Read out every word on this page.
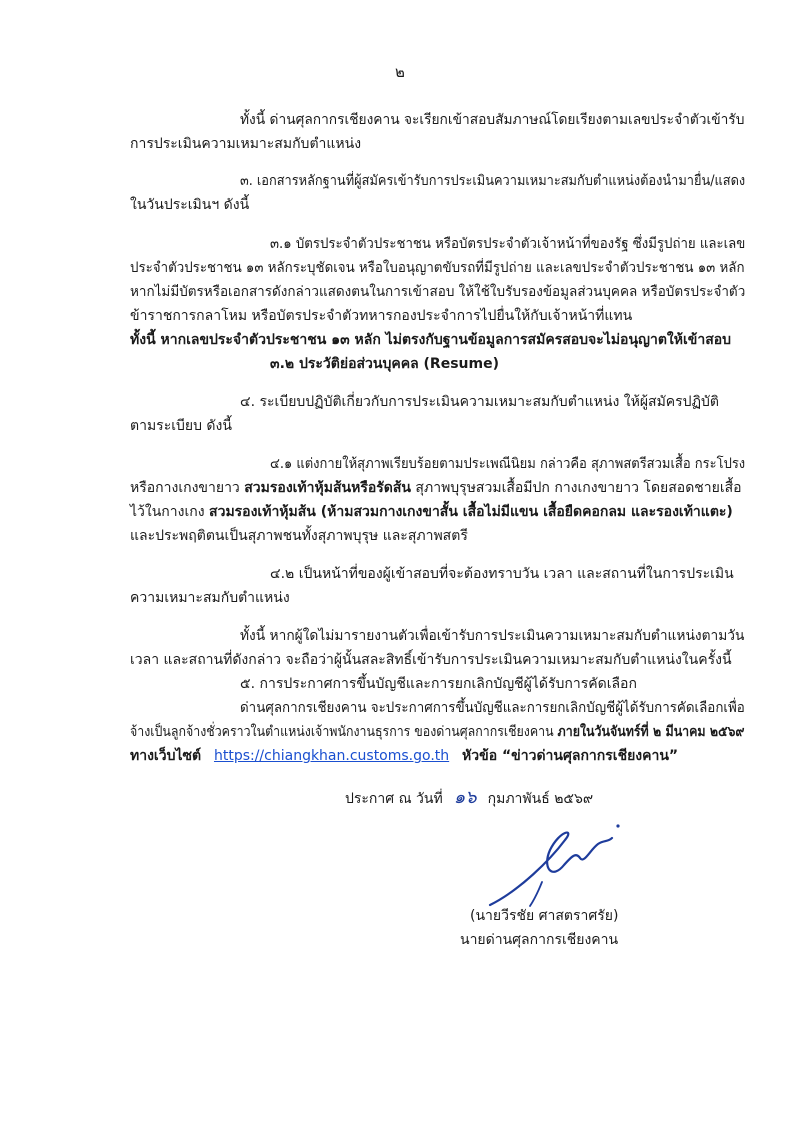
๒
ทั้งนี้ ด่านศุลกากรเชียงคาน จะเรียกเข้าสอบสัมภาษณ์โดยเรียงตามเลขประจำตัวเข้ารับ
การประเมินความเหมาะสมกับตำแหน่ง
๓. เอกสารหลักฐานที่ผู้สมัครเข้ารับการประเมินความเหมาะสมกับตำแหน่งต้องนำมายื่น/แสดง
ในวันประเมินฯ ดังนี้
๓.๑ บัตรประจำตัวประชาชน หรือบัตรประจำตัวเจ้าหน้าที่ของรัฐ ซึ่งมีรูปถ่าย และเลข
ประจำตัวประชาชน ๑๓ หลักระบุชัดเจน หรือใบอนุญาตขับรถที่มีรูปถ่าย และเลขประจำตัวประชาชน ๑๓ หลัก
หากไม่มีบัตรหรือเอกสารดังกล่าวแสดงตนในการเข้าสอบ ให้ใช้ใบรับรองข้อมูลส่วนบุคคล หรือบัตรประจำตัว
ข้าราชการกลาโหม หรือบัตรประจำตัวทหารกองประจำการไปยื่นให้กับเจ้าหน้าที่แทน
ทั้งนี้ หากเลขประจำตัวประชาชน ๑๓ หลัก ไม่ตรงกับฐานข้อมูลการสมัครสอบจะไม่อนุญาตให้เข้าสอบ
๓.๒ ประวัติย่อส่วนบุคคล (Resume)
๔. ระเบียบปฏิบัติเกี่ยวกับการประเมินความเหมาะสมกับตำแหน่ง ให้ผู้สมัครปฏิบัติ
ตามระเบียบ ดังนี้
๔.๑ แต่งกายให้สุภาพเรียบร้อยตามประเพณีนิยม กล่าวคือ สุภาพสตรีสวมเสื้อ กระโปรง
หรือกางเกงขายาว สวมรองเท้าหุ้มส้นหรือรัดส้น สุภาพบุรุษสวมเสื้อมีปก กางเกงขายาว โดยสอดชายเสื้อ
ไว้ในกางเกง สวมรองเท้าหุ้มส้น (ห้ามสวมกางเกงขาสั้น เสื้อไม่มีแขน เสื้อยืดคอกลม และรองเท้าแตะ)
และประพฤติตนเป็นสุภาพชนทั้งสุภาพบุรุษ และสุภาพสตรี
๔.๒ เป็นหน้าที่ของผู้เข้าสอบที่จะต้องทราบวัน เวลา และสถานที่ในการประเมิน
ความเหมาะสมกับตำแหน่ง
ทั้งนี้ หากผู้ใดไม่มารายงานตัวเพื่อเข้ารับการประเมินความเหมาะสมกับตำแหน่งตามวัน
เวลา และสถานที่ดังกล่าว จะถือว่าผู้นั้นสละสิทธิ์เข้ารับการประเมินความเหมาะสมกับตำแหน่งในครั้งนี้
๕. การประกาศการขึ้นบัญชีและการยกเลิกบัญชีผู้ได้รับการคัดเลือก
ด่านศุลกากรเชียงคาน จะประกาศการขึ้นบัญชีและการยกเลิกบัญชีผู้ได้รับการคัดเลือกเพื่อ
จ้างเป็นลูกจ้างชั่วคราวในตำแหน่งเจ้าพนักงานธุรการ ของด่านศุลกากรเชียงคาน ภายในวันจันทร์ที่ ๒ มีนาคม ๒๕๖๙
ทางเว็บไซต์ https://chiangkhan.customs.go.th หัวข้อ “ข่าวด่านศุลกากรเชียงคาน”
ประกาศ ณ วันที่ ๑๖ กุมภาพันธ์ ๒๕๖๙
(นายวีรชัย ศาสตราศรัย)
นายด่านศุลกากรเชียงคาน
